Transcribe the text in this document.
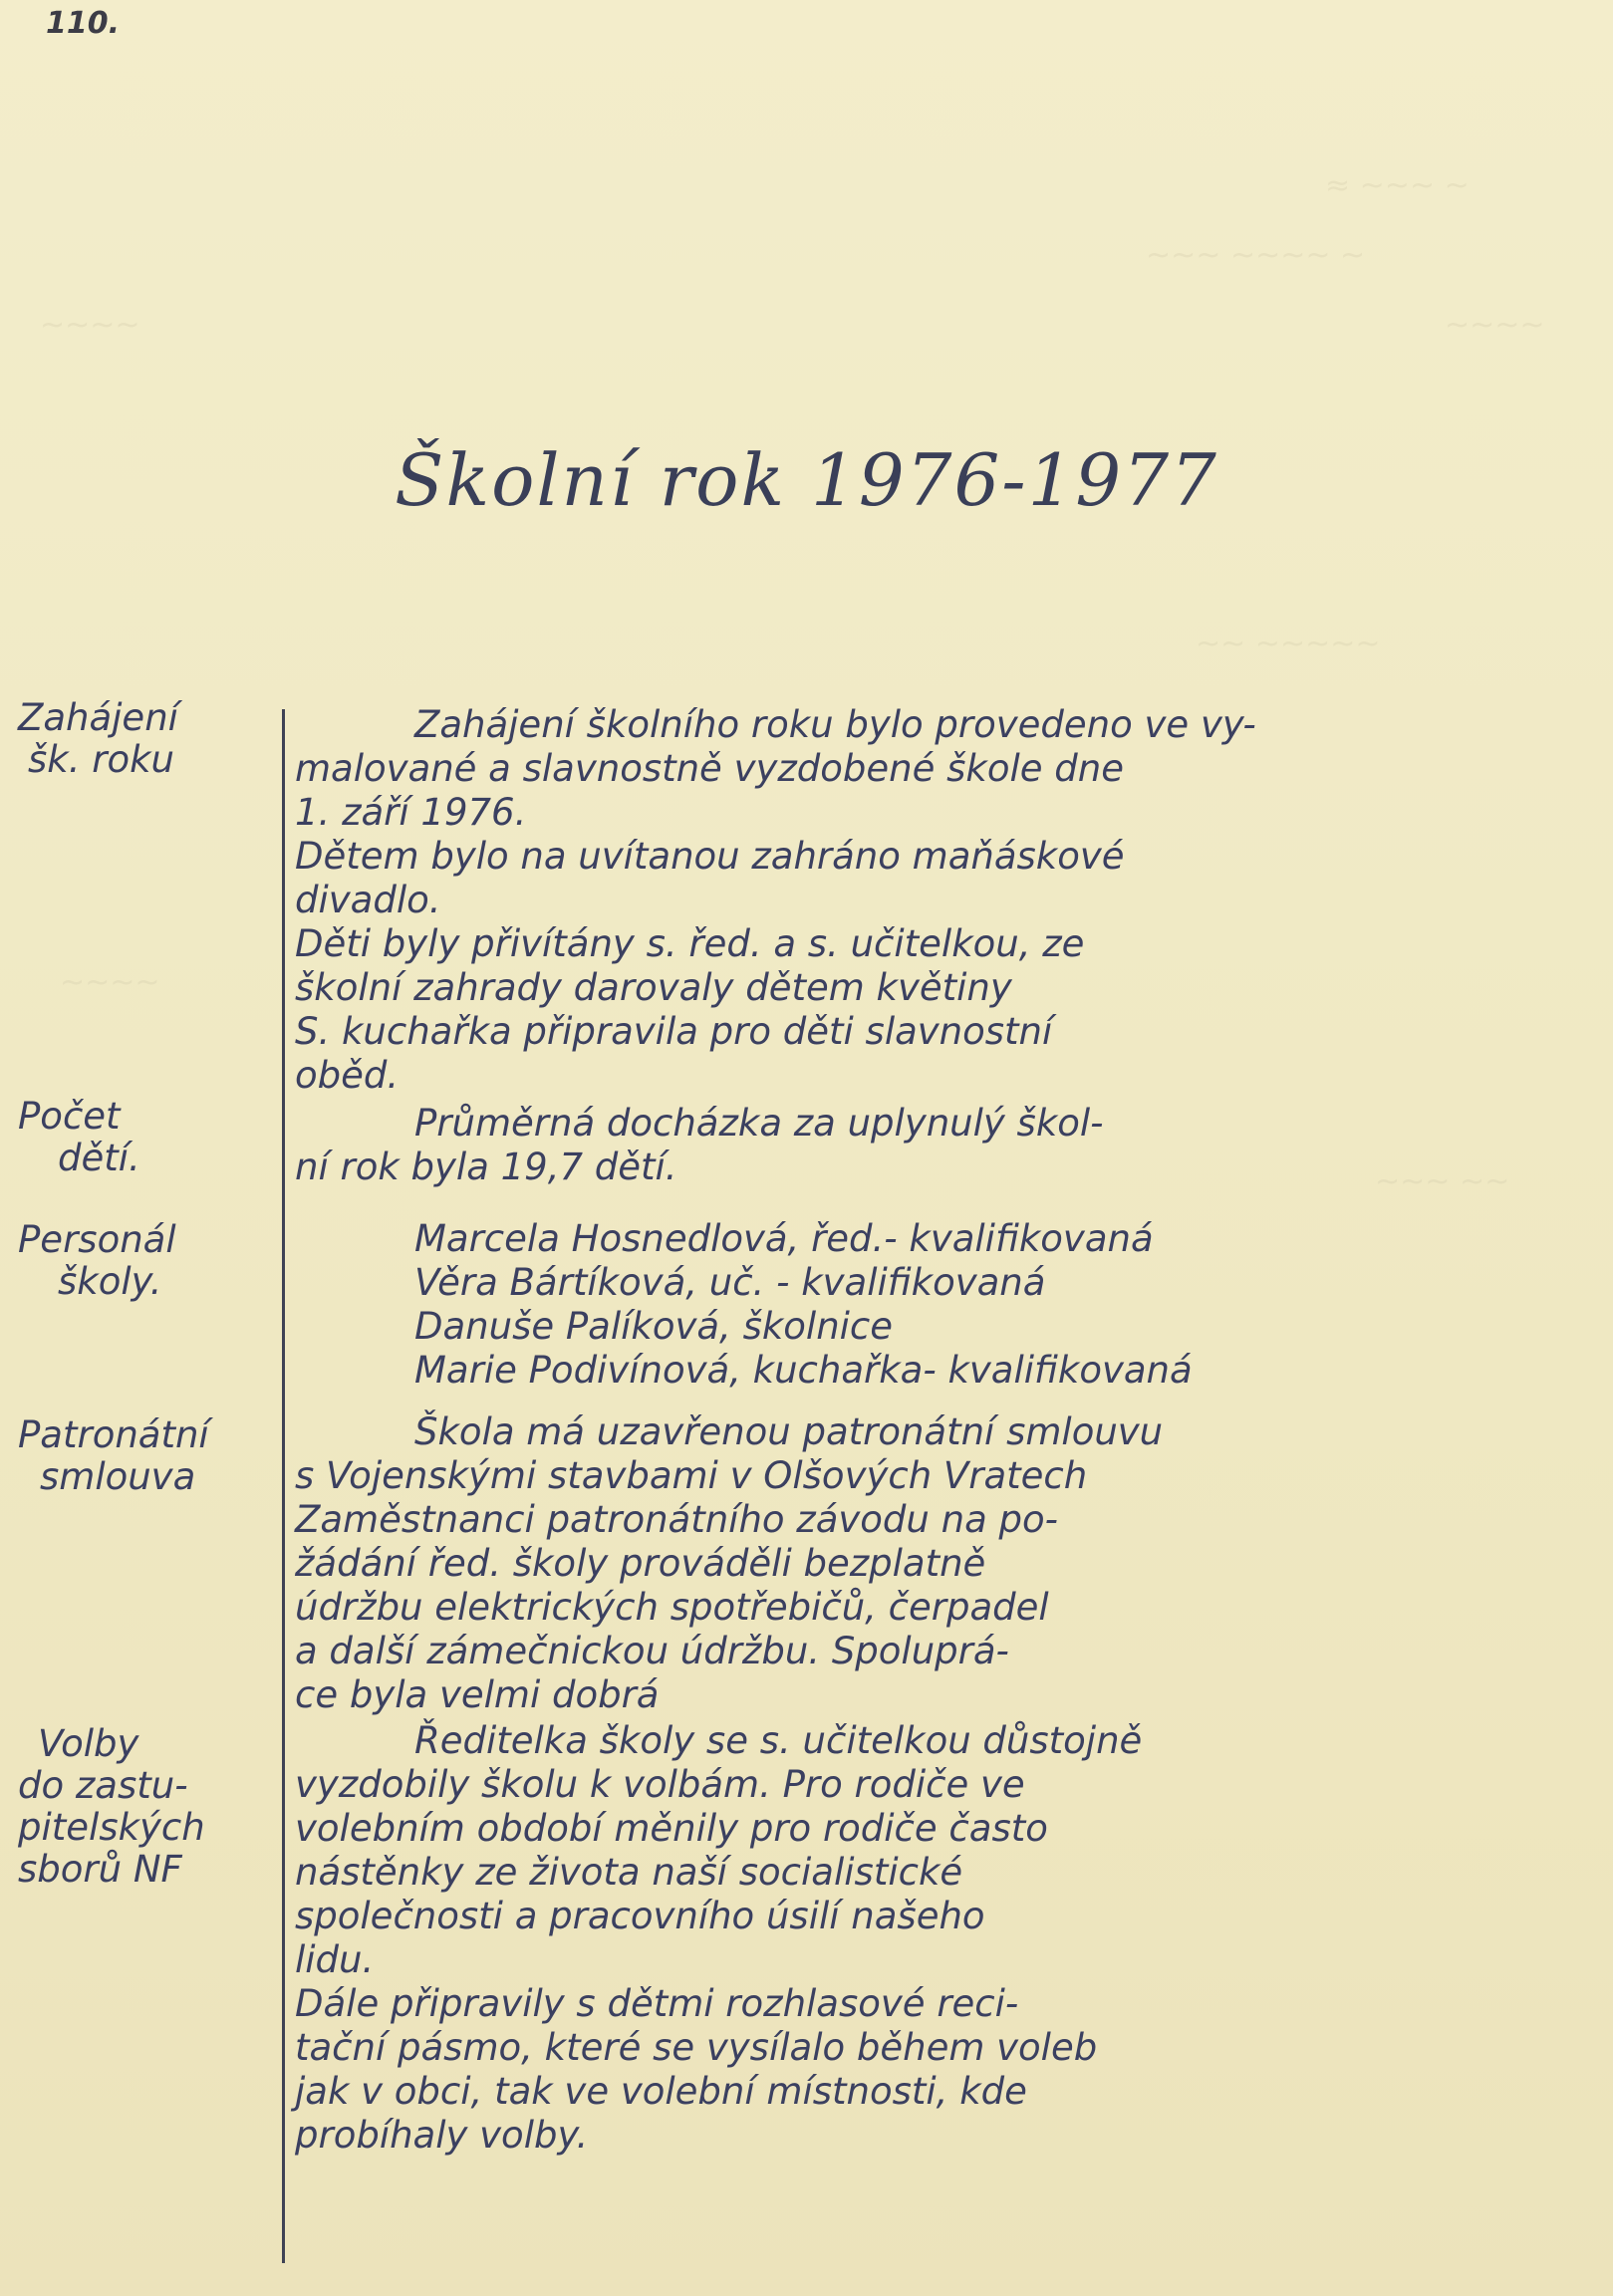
≈ ~~~ ~
~~~ ~~~~ ~
~~~~
~~~~
~~ ~~~~~
~~~~
~~~ ~~
110.
Školní rok 1976-1977
Zahájení
šk. roku
Zahájení školního roku bylo provedeno ve vy-
malované a slavnostně vyzdobené škole dne
1. září 1976.
Dětem bylo na uvítanou zahráno maňáskové
divadlo.
Děti byly přivítány s. řed. a s. učitelkou, ze
školní zahrady darovaly dětem květiny
S. kuchařka připravila pro děti slavnostní
oběd.
Počet
dětí.
Průměrná docházka za uplynulý škol-
ní rok byla 19,7 dětí.
Personál
školy.
Marcela Hosnedlová, řed.- kvalifikovaná
Věra Bártíková, uč. - kvalifikovaná
Danuše Palíková, školnice
Marie Podivínová, kuchařka- kvalifikovaná
Patronátní
smlouva
Škola má uzavřenou patronátní smlouvu
s Vojenskými stavbami v Olšových Vratech
Zaměstnanci patronátního závodu na po-
žádání řed. školy prováděli bezplatně
údržbu elektrických spotřebičů, čerpadel
a další zámečnickou údržbu. Spoluprá-
ce byla velmi dobrá
Volby
do zastu-
pitelských
sborů NF
Ředitelka školy se s. učitelkou důstojně
vyzdobily školu k volbám. Pro rodiče ve
volebním období měnily pro rodiče často
nástěnky ze života naší socialistické
společnosti a pracovního úsilí našeho
lidu.
Dále připravily s dětmi rozhlasové reci-
tační pásmo, které se vysílalo během voleb
jak v obci, tak ve volební místnosti, kde
probíhaly volby.
